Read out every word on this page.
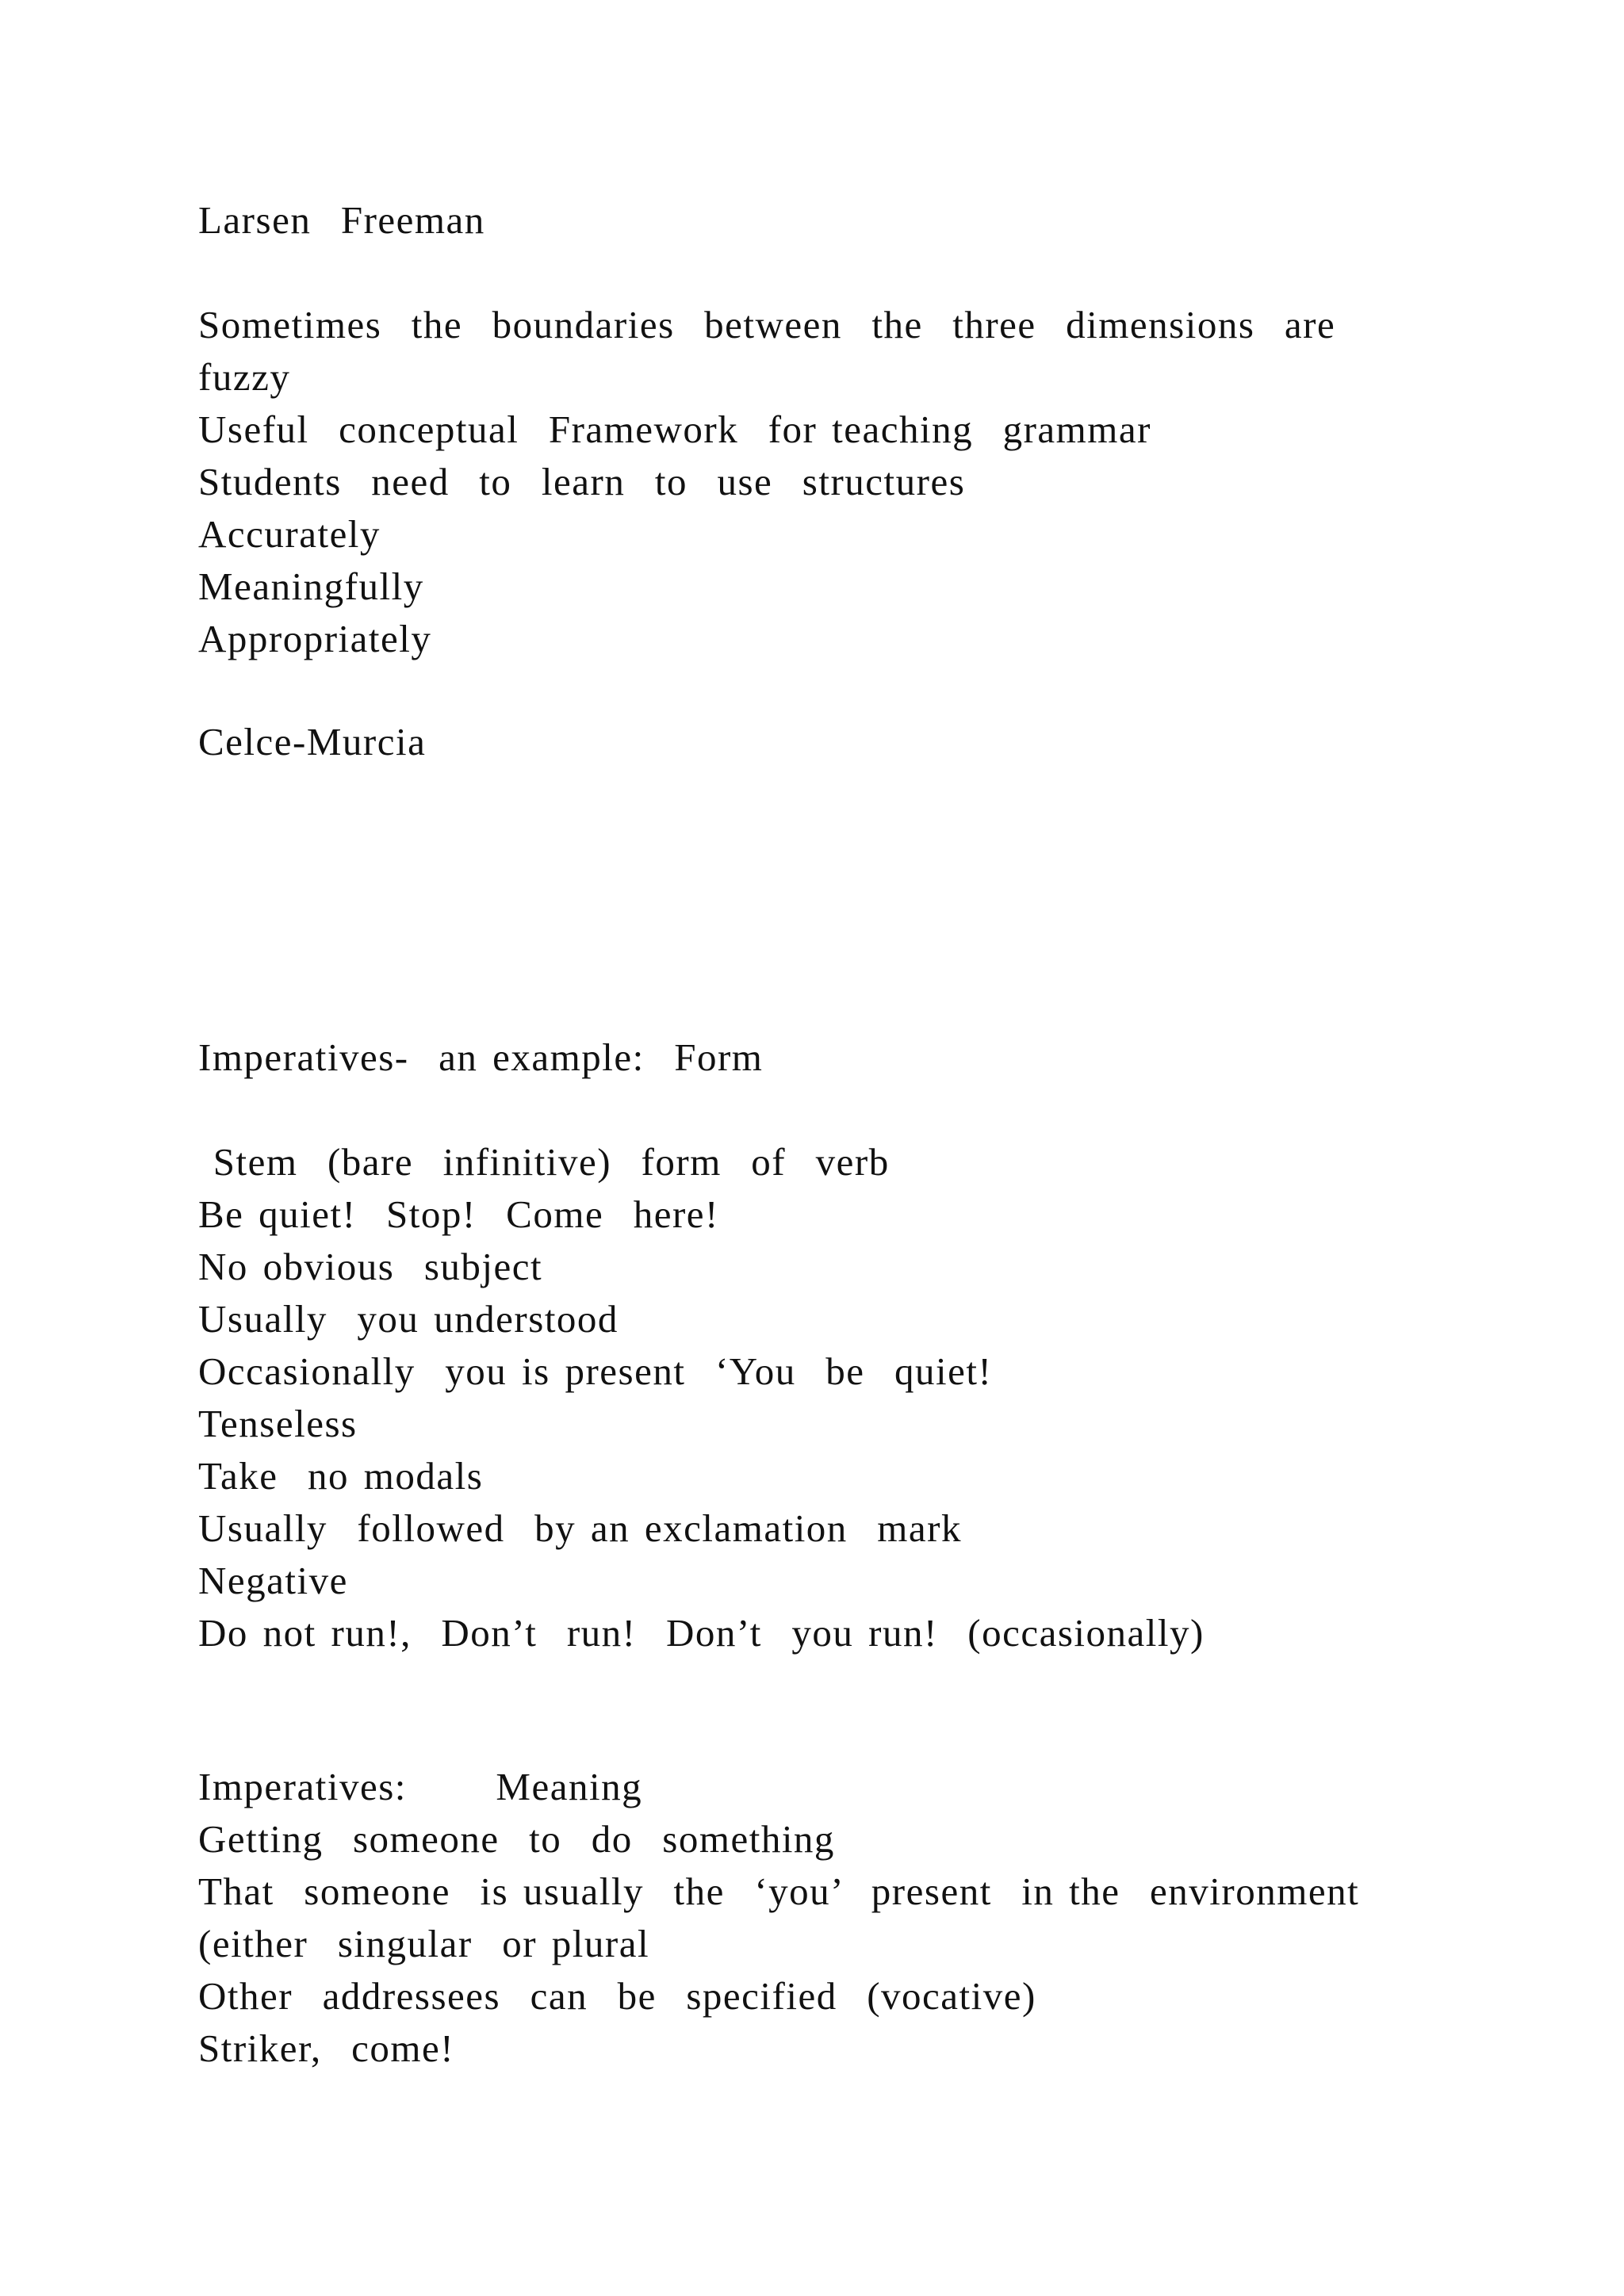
Larsen  Freeman
Sometimes  the  boundaries  between  the  three  dimensions  are
fuzzy
Useful  conceptual  Framework  for teaching  grammar
Students  need  to  learn  to  use  structures
Accurately
Meaningfully
Appropriately
Celce-Murcia
Imperatives-  an example:  Form
Stem  (bare  infinitive)  form  of  verb
Be quiet!  Stop!  Come  here!
No obvious  subject
Usually  you understood
Occasionally  you is present  ‘You  be  quiet!
Tenseless
Take  no modals
Usually  followed  by an exclamation  mark
Negative
Do not run!,  Don’t  run!  Don’t  you run!  (occasionally)
Imperatives:      Meaning
Getting  someone  to  do  something
That  someone  is usually  the  ‘you’  present  in the  environment
(either  singular  or plural
Other  addressees  can  be  specified  (vocative)
Striker,  come!
